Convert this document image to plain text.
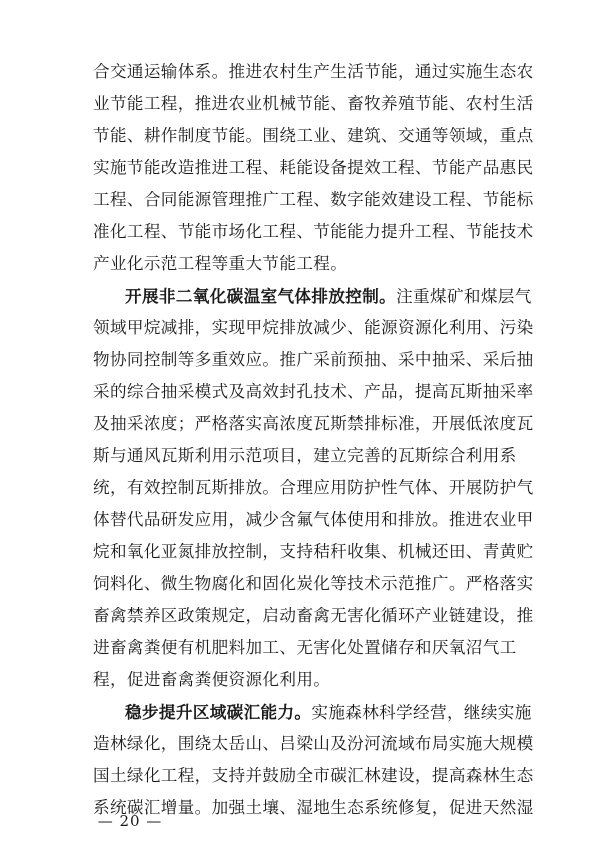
合交通运输体系。推进农村生产生活节能，通过实施生态农
业节能工程，推进农业机械节能、畜牧养殖节能、农村生活
节能、耕作制度节能。围绕工业、建筑、交通等领域，重点
实施节能改造推进工程、耗能设备提效工程、节能产品惠民
工程、合同能源管理推广工程、数字能效建设工程、节能标
准化工程、节能市场化工程、节能能力提升工程、节能技术
产业化示范工程等重大节能工程。
开展非二氧化碳温室气体排放控制。注重煤矿和煤层气
领域甲烷减排，实现甲烷排放减少、能源资源化利用、污染
物协同控制等多重效应。推广采前预抽、采中抽采、采后抽
采的综合抽采模式及高效封孔技术、产品，提高瓦斯抽采率
及抽采浓度；严格落实高浓度瓦斯禁排标准，开展低浓度瓦
斯与通风瓦斯利用示范项目，建立完善的瓦斯综合利用系
统，有效控制瓦斯排放。合理应用防护性气体、开展防护气
体替代品研发应用，减少含氟气体使用和排放。推进农业甲
烷和氧化亚氮排放控制，支持秸秆收集、机械还田、青黄贮
饲料化、微生物腐化和固化炭化等技术示范推广。严格落实
畜禽禁养区政策规定，启动畜禽无害化循环产业链建设，推
进畜禽粪便有机肥料加工、无害化处置储存和厌氧沼气工
程，促进畜禽粪便资源化利用。
稳步提升区域碳汇能力。实施森林科学经营，继续实施
造林绿化，围绕太岳山、吕梁山及汾河流域布局实施大规模
国土绿化工程，支持并鼓励全市碳汇林建设，提高森林生态
系统碳汇增量。加强土壤、湿地生态系统修复，促进天然湿
— 20 —
